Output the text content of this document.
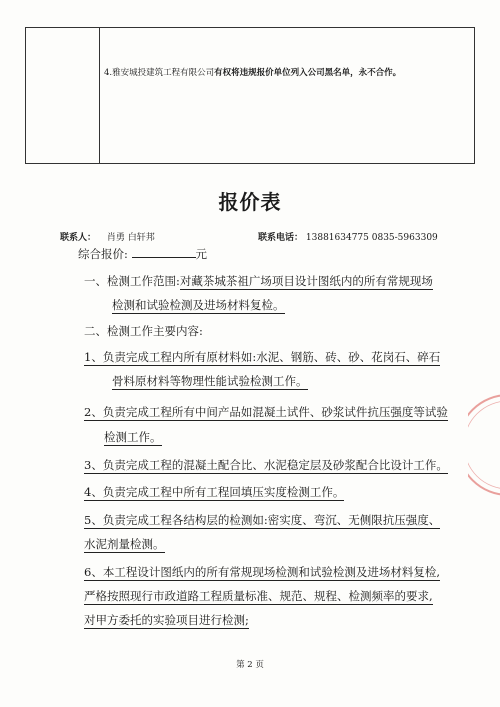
4.雅安城投建筑工程有限公司有权将违规报价单位列入公司黑名单，永不合作。
报价表
联系人： 肖勇 白轩邦	联系电话： 13881634775 0835-5963309
综合报价:	元
一、检测工作范围:对藏茶城茶祖广场项目设计图纸内的所有常规现场
检测和试验检测及进场材料复检。
二、检测工作主要内容:
1、负责完成工程内所有原材料如:水泥、钢筋、砖、砂、花岗石、碎石
骨料原材料等物理性能试验检测工作。
2、负责完成工程所有中间产品如混凝土试件、砂浆试件抗压强度等试验
检测工作。
3、负责完成工程的混凝土配合比、水泥稳定层及砂浆配合比设计工作。
4、负责完成工程中所有工程回填压实度检测工作。
5、负责完成工程各结构层的检测如:密实度、弯沉、无侧限抗压强度、
水泥剂量检测。
6、本工程设计图纸内的所有常规现场检测和试验检测及进场材料复检,
严格按照现行市政道路工程质量标准、规范、规程、检测频率的要求,
对甲方委托的实验项目进行检测;
第 2 页
